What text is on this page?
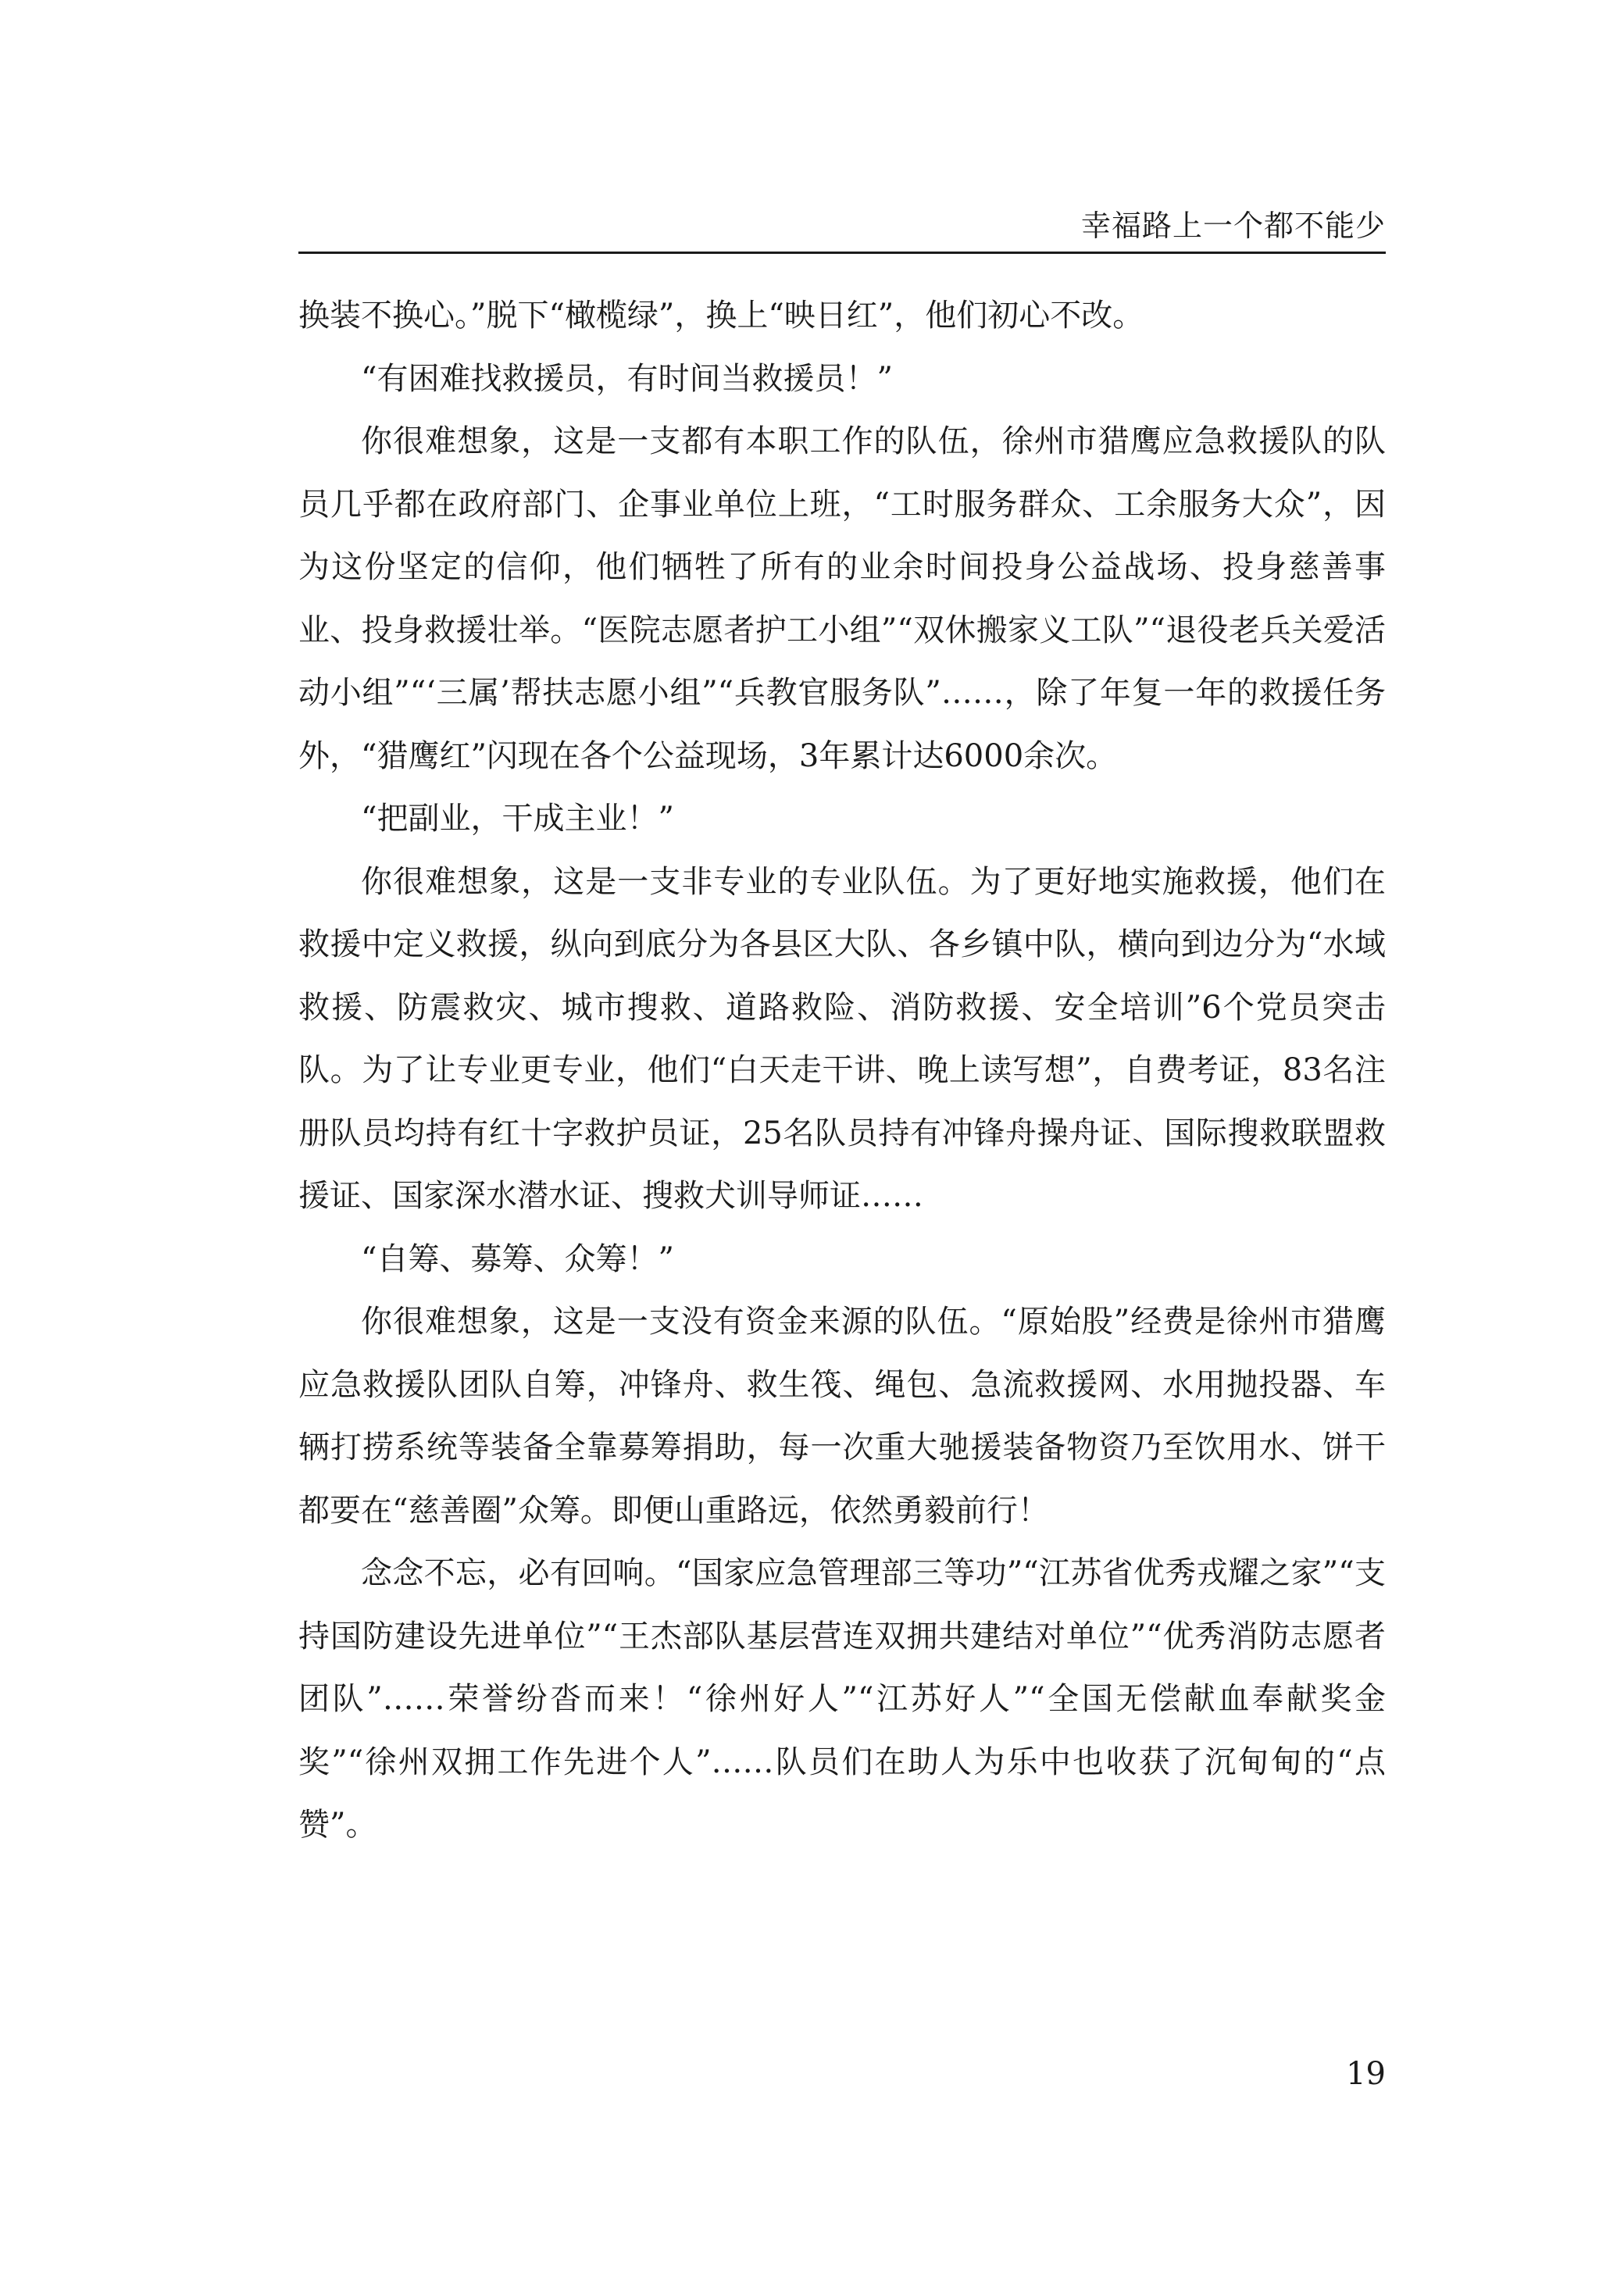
幸福路上一个都不能少

换装不换心。”脱下“橄榄绿”，换上“映日红”，他们初心不改。

“有困难找救援员，有时间当救援员！”

你很难想象，这是一支都有本职工作的队伍，徐州市猎鹰应急救援队的队员几乎都在政府部门、企事业单位上班，“工时服务群众、工余服务大众”，因为这份坚定的信仰，他们牺牲了所有的业余时间投身公益战场、投身慈善事业、投身救援壮举。“医院志愿者护工小组”“双休搬家义工队”“退役老兵关爱活动小组”“‘三属’帮扶志愿小组”“兵教官服务队”……，除了年复一年的救援任务外，“猎鹰红”闪现在各个公益现场，3年累计达6000余次。

“把副业，干成主业！”

你很难想象，这是一支非专业的专业队伍。为了更好地实施救援，他们在救援中定义救援，纵向到底分为各县区大队、各乡镇中队，横向到边分为“水域救援、防震救灾、城市搜救、道路救险、消防救援、安全培训”6个党员突击队。为了让专业更专业，他们“白天走干讲、晚上读写想”，自费考证，83名注册队员均持有红十字救护员证，25名队员持有冲锋舟操舟证、国际搜救联盟救援证、国家深水潜水证、搜救犬训导师证……

“自筹、募筹、众筹！”

你很难想象，这是一支没有资金来源的队伍。“原始股”经费是徐州市猎鹰应急救援队团队自筹，冲锋舟、救生筏、绳包、急流救援网、水用抛投器、车辆打捞系统等装备全靠募筹捐助，每一次重大驰援装备物资乃至饮用水、饼干都要在“慈善圈”众筹。即便山重路远，依然勇毅前行！

念念不忘，必有回响。“国家应急管理部三等功”“江苏省优秀戎耀之家”“支持国防建设先进单位”“王杰部队基层营连双拥共建结对单位”“优秀消防志愿者团队”……荣誉纷沓而来！“徐州好人”“江苏好人”“全国无偿献血奉献奖金奖”“徐州双拥工作先进个人”……队员们在助人为乐中也收获了沉甸甸的“点赞”。

19
